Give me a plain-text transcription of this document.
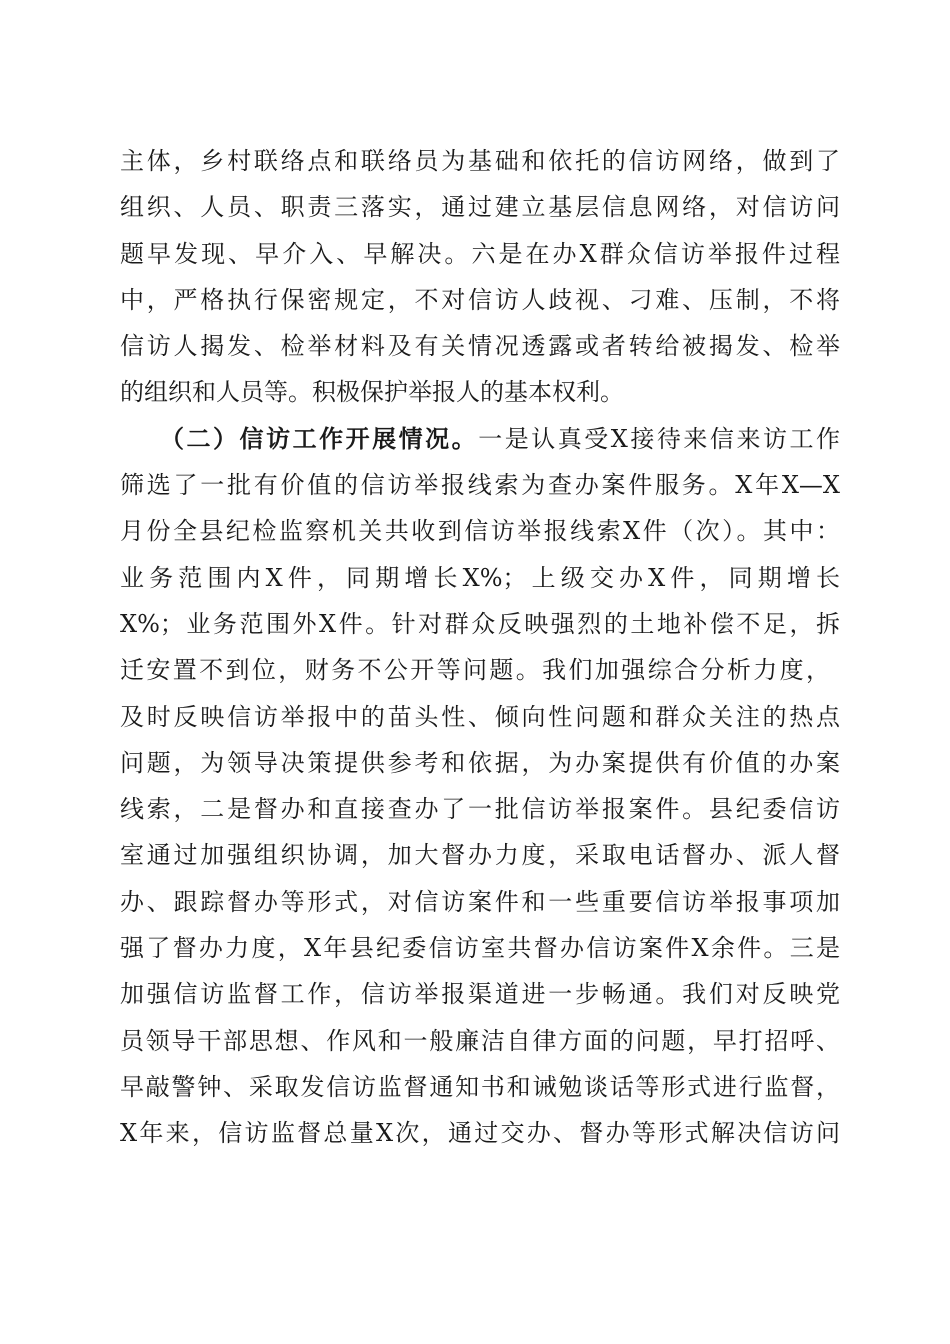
主体，乡村联络点和联络员为基础和依托的信访网络，做到了
组织、人员、职责三落实，通过建立基层信息网络，对信访问
题早发现、早介入、早解决。六是在办X群众信访举报件过程
中，严格执行保密规定，不对信访人歧视、刁难、压制，不将
信访人揭发、检举材料及有关情况透露或者转给被揭发、检举
的组织和人员等。积极保护举报人的基本权利。
（二）信访工作开展情况。一是认真受X接待来信来访工作
筛选了一批有价值的信访举报线索为查办案件服务。X年X—X
月份全县纪检监察机关共收到信访举报线索X件（次）。其中：
业务范围内X件，同期增长X%；上级交办X件，同期增长
X%；业务范围外X件。针对群众反映强烈的土地补偿不足，拆
迁安置不到位，财务不公开等问题。我们加强综合分析力度，
及时反映信访举报中的苗头性、倾向性问题和群众关注的热点
问题，为领导决策提供参考和依据，为办案提供有价值的办案
线索，二是督办和直接查办了一批信访举报案件。县纪委信访
室通过加强组织协调，加大督办力度，采取电话督办、派人督
办、跟踪督办等形式，对信访案件和一些重要信访举报事项加
强了督办力度，X年县纪委信访室共督办信访案件X余件。三是
加强信访监督工作，信访举报渠道进一步畅通。我们对反映党
员领导干部思想、作风和一般廉洁自律方面的问题，早打招呼、
早敲警钟、采取发信访监督通知书和诫勉谈话等形式进行监督，
X年来，信访监督总量X次，通过交办、督办等形式解决信访问
